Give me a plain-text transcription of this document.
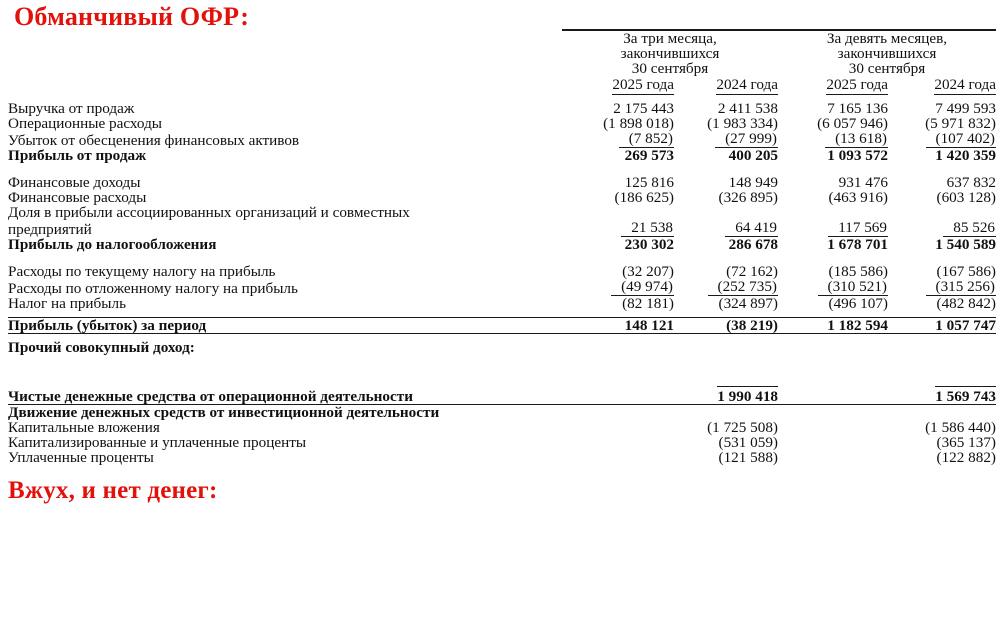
Обманчивый ОФР:
Вжух, и нет денег:

	За три месяца,		За девять месяцев,	
	закончившихся		закончившихся	
	30 сентября		30 сентября	
	2025 года	2024 года	2025 года	2024 года

Выручка от продаж	2 175 443	2 411 538	7 165 136	7 499 593
Операционные расходы	(1 898 018)	(1 983 334)	(6 057 946)	(5 971 832)
Убыток от обесценения финансовых активов	(7 852)	(27 999)	(13 618)	(107 402)
Прибыль от продаж	269 573	400 205	1 093 572	1 420 359

Финансовые доходы	125 816	148 949	931 476	637 832
Финансовые расходы	(186 625)	(326 895)	(463 916)	(603 128)
Доля в прибыли ассоциированных организаций и совместных				
предприятий	21 538	64 419	117 569	85 526
Прибыль до налогообложения	230 302	286 678	1 678 701	1 540 589

Расходы по текущему налогу на прибыль	(32 207)	(72 162)	(185 586)	(167 586)
Расходы по отложенному налогу на прибыль	(49 974)	(252 735)	(310 521)	(315 256)
Налог на прибыль	(82 181)	(324 897)	(496 107)	(482 842)

Прибыль (убыток) за период	148 121	(38 219)	1 182 594	1 057 747

Прочий совокупный доход:				

Чистые денежные средства от операционной деятельности		1 990 418		1 569 743
Движение денежных средств от инвестиционной деятельности				
Капитальные вложения		(1 725 508)		(1 586 440)
Капитализированные и уплаченные проценты		(531 059)		(365 137)
Уплаченные проценты		(121 588)		(122 882)
